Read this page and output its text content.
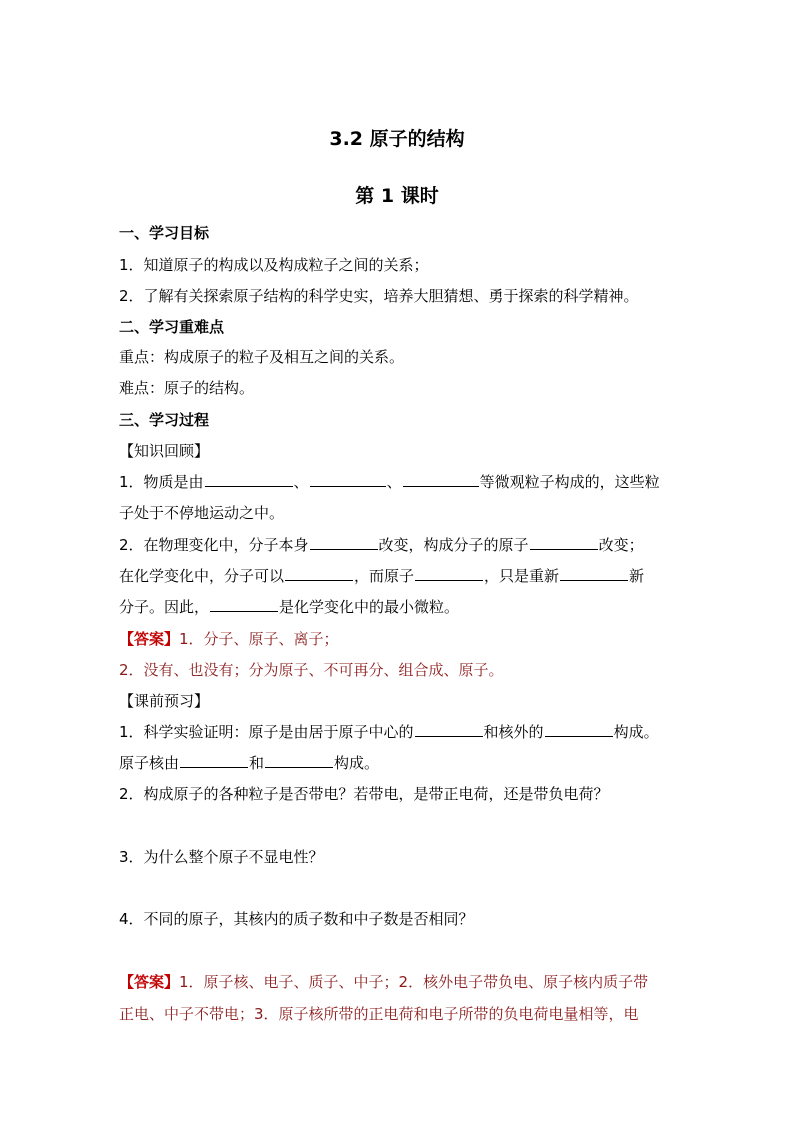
3.2 原子的结构
第 1 课时
一、学习目标
1．知道原子的构成以及构成粒子之间的关系；
2．了解有关探索原子结构的科学史实，培养大胆猜想、勇于探索的科学精神。
二、学习重难点
重点：构成原子的粒子及相互之间的关系。
难点：原子的结构。
三、学习过程
【知识回顾】
1．物质是由	、	、	等微观粒子构成的，这些粒
子处于不停地运动之中。
2．在物理变化中，分子本身	改变，构成分子的原子	改变；
在化学变化中，分子可以	，而原子	，只是重新	新
分子。因此，	是化学变化中的最小微粒。
【答案】1．分子、原子、离子；
2．没有、也没有；分为原子、不可再分、组合成、原子。
【课前预习】
1．科学实验证明：原子是由居于原子中心的	和核外的	构成。
原子核由	和	构成。
2．构成原子的各种粒子是否带电？若带电，是带正电荷，还是带负电荷？
3．为什么整个原子不显电性？
4．不同的原子，其核内的质子数和中子数是否相同？
【答案】1．原子核、电子、质子、中子；2．核外电子带负电、原子核内质子带
正电、中子不带电；3．原子核所带的正电荷和电子所带的负电荷电量相等，电
